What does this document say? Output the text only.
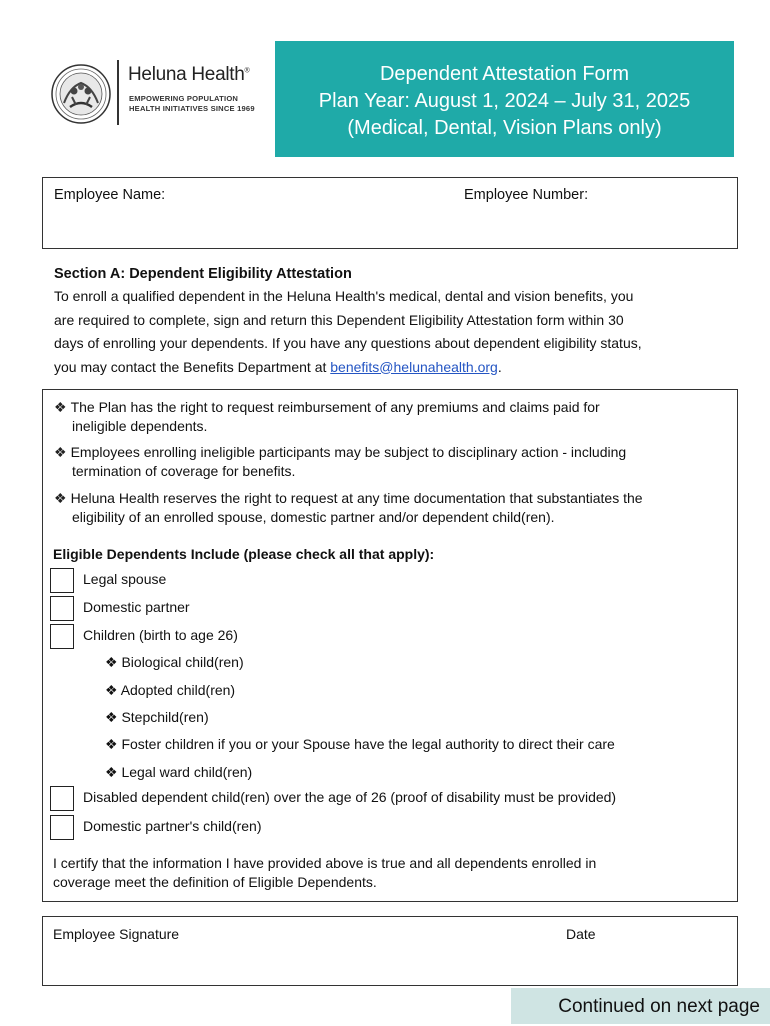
Heluna Health®
EMPOWERING POPULATION
HEALTH INITIATIVES SINCE 1969
Dependent Attestation Form
Plan Year: August 1, 2024 – July 31, 2025
(Medical, Dental, Vision Plans only)
Employee Name:	Employee Number:
Section A: Dependent Eligibility Attestation

To enroll a qualified dependent in the Heluna Health's medical, dental and vision benefits, you

are required to complete, sign and return this Dependent Eligibility Attestation form within 30

days of enrolling your dependents. If you have any questions about dependent eligibility status,

you may contact the Benefits Department at benefits@helunahealth.org.

❖ The Plan has the right to request reimbursement of any premiums and claims paid for
ineligible dependents.
❖ Employees enrolling ineligible participants may be subject to disciplinary action - including
termination of coverage for benefits.
❖ Heluna Health reserves the right to request at any time documentation that substantiates the
eligibility of an enrolled spouse, domestic partner and/or dependent child(ren).
Eligible Dependents Include (please check all that apply):
Legal spouse
Domestic partner
Children (birth to age 26)
❖ Biological child(ren)
❖ Adopted child(ren)
❖ Stepchild(ren)
❖ Foster children if you or your Spouse have the legal authority to direct their care
❖ Legal ward child(ren)
Disabled dependent child(ren) over the age of 26 (proof of disability must be provided)
Domestic partner's child(ren)
I certify that the information I have provided above is true and all dependents enrolled in
coverage meet the definition of Eligible Dependents.
Employee Signature	Date
Continued on next page
